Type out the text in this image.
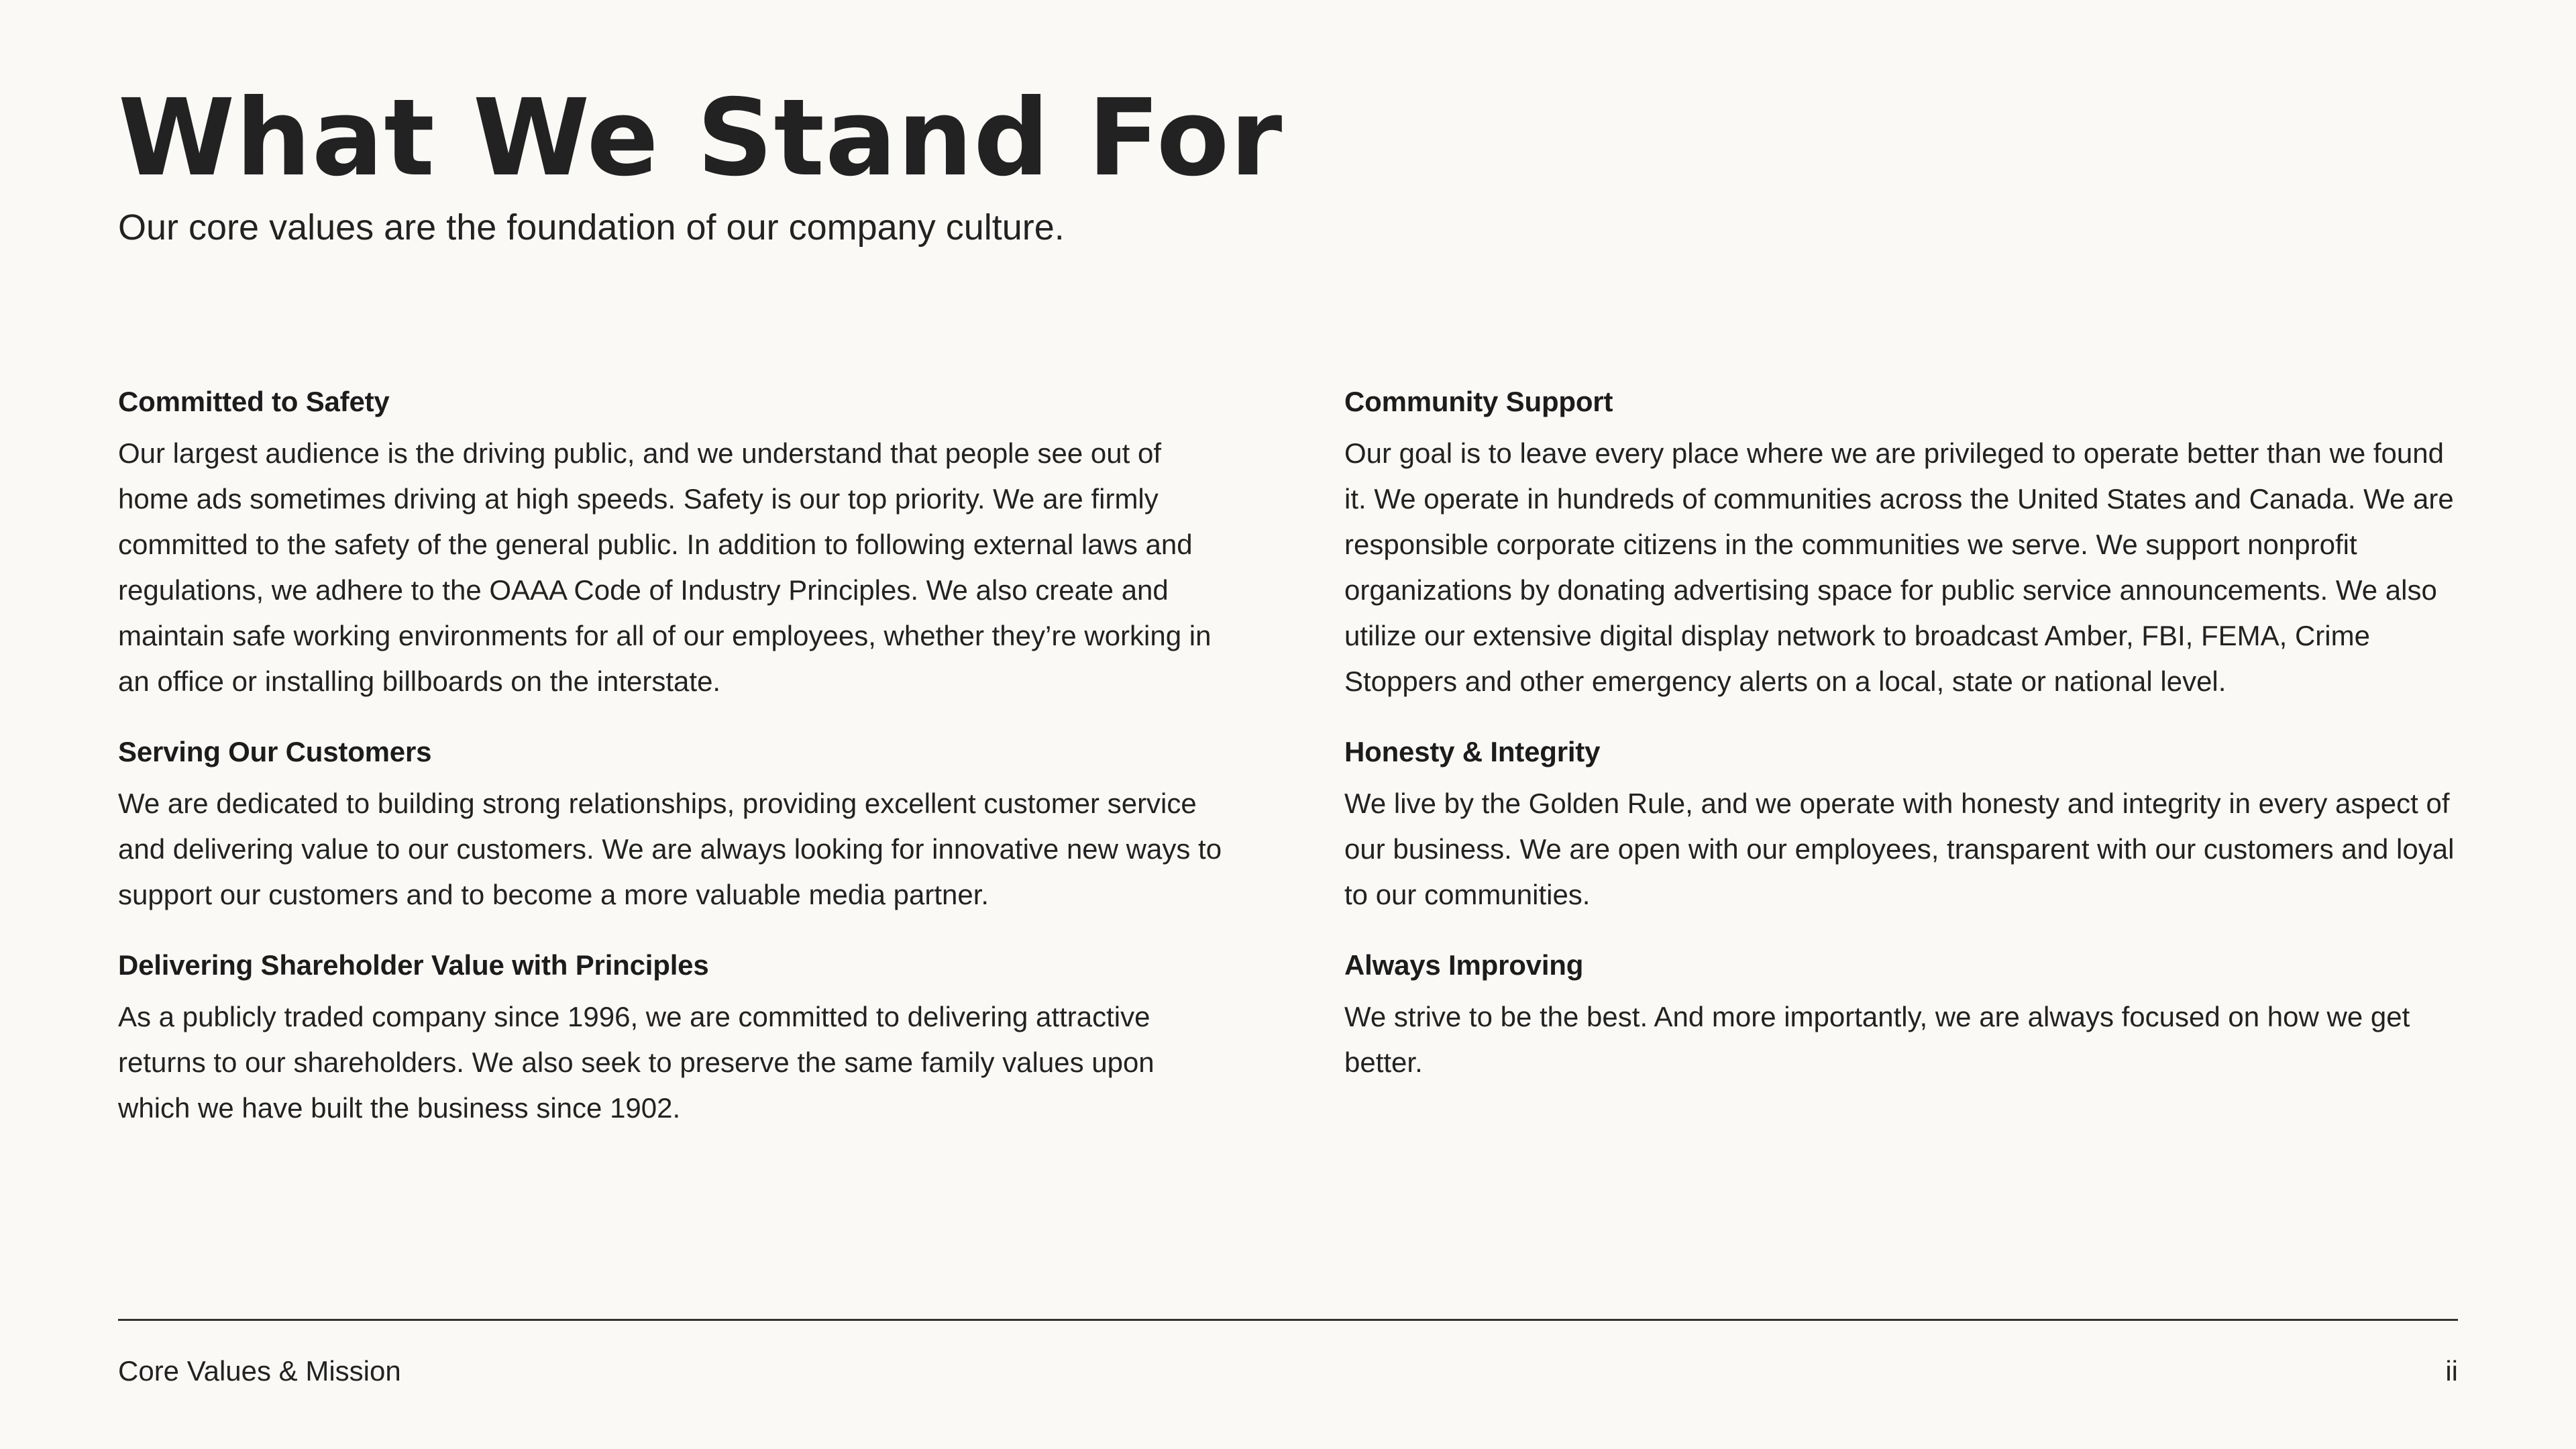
What We Stand For

Our core values are the foundation of our company culture.

Committed to Safety

Our largest audience is the driving public, and we understand that people see out of home ads sometimes driving at high speeds. Safety is our top priority. We are firmly committed to the safety of the general public. In addition to following external laws and regulations, we adhere to the OAAA Code of Industry Principles. We also create and maintain safe working environments for all of our employees, whether they’re working in an office or installing billboards on the interstate.

Serving Our Customers

We are dedicated to building strong relationships, providing excellent customer service and delivering value to our customers. We are always looking for innovative new ways to support our customers and to become a more valuable media partner.

Delivering Shareholder Value with Principles

As a publicly traded company since 1996, we are committed to delivering attractive returns to our shareholders. We also seek to preserve the same family values upon which we have built the business since 1902.

Community Support

Our goal is to leave every place where we are privileged to operate better than we found it. We operate in hundreds of communities across the United States and Canada. We are responsible corporate citizens in the communities we serve. We support nonprofit organizations by donating advertising space for public service announcements. We also utilize our extensive digital display network to broadcast Amber, FBI, FEMA, Crime Stoppers and other emergency alerts on a local, state or national level.

Honesty & Integrity

We live by the Golden Rule, and we operate with honesty and integrity in every aspect of our business. We are open with our employees, transparent with our customers and loyal to our communities.

Always Improving

We strive to be the best. And more importantly, we are always focused on how we get better.

Core Values & Mission	ii
